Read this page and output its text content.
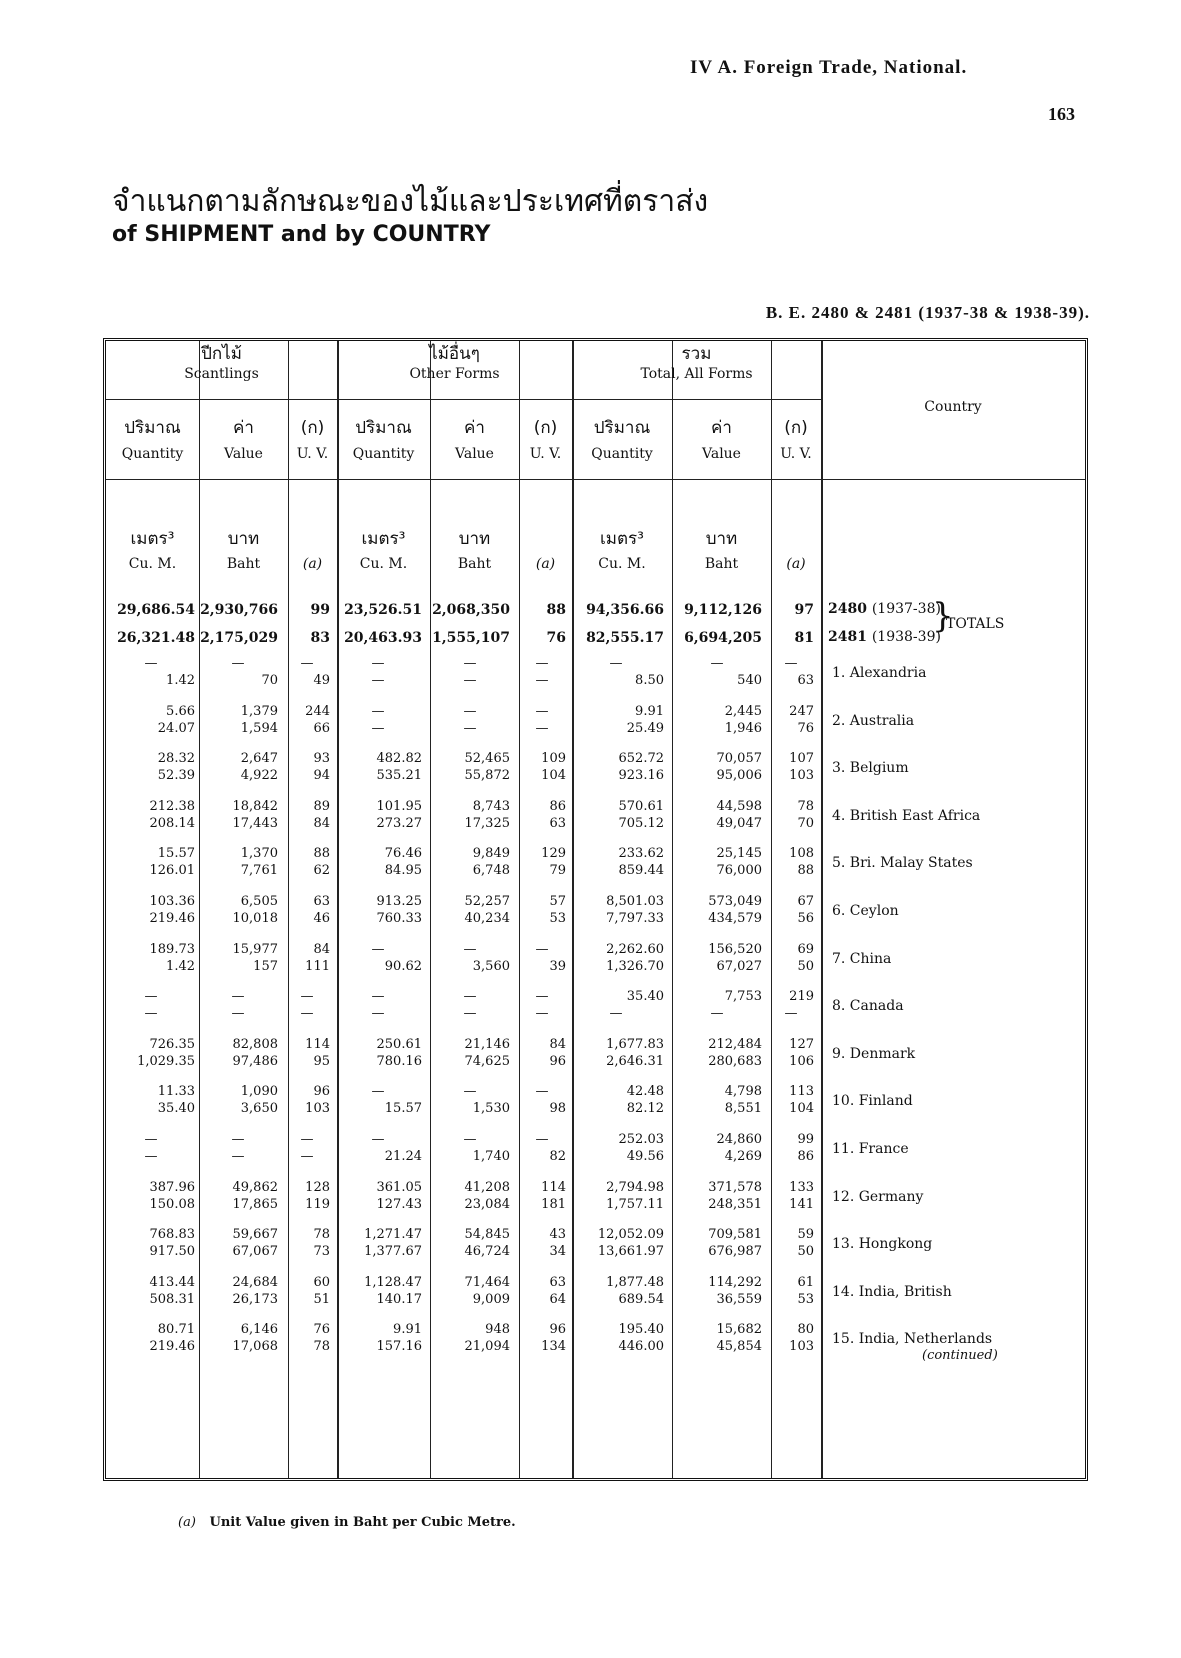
IV A. Foreign Trade, National.
163
จำแนกตามลักษณะของไม้และประเทศที่ตราส่ง
of SHIPMENT and by COUNTRY
B. E. 2480 & 2481 (1937-38 & 1938-39).
ปีกไม้
Scantlings
ไม้อื่นๆ
Other Forms
รวม
Total, All Forms
Country
ปริมาณ	ค่า	(ก)	ปริมาณ	ค่า	(ก)	ปริมาณ	ค่า	(ก)
Quantity	Value	U. V.	Quantity	Value	U. V.	Quantity	Value	U. V.
เมตร³	บาท	เมตร³	บาท	เมตร³	บาท
Cu. M.	Baht	(a)	Cu. M.	Baht	(a)	Cu. M.	Baht	(a)
2480 (1937-38)
2481 (1938-39)
}
TOTALS
(continued)
29,686.54 2,930,766	99	23,526.51 2,068,350	88	94,356.66	9,112,126	97
26,321.48 2,175,029	83	20,463.93 1,555,107	76	82,555.17	6,694,205	81
—	—	—	—	—	—	—	—	—
1.42	70	49	—	—	—	8.50	540	63 1. Alexandria
5.66	1,379	244	—	—	—	9.91	2,445	247
24.07	1,594	66	—	—	—	25.49	1,946	76 2. Australia
28.32	2,647	93	482.82	52,465	109	652.72	70,057	107
52.39	4,922	94	535.21	55,872	104	923.16	95,006	103 3. Belgium
212.38	18,842	89	101.95	8,743	86	570.61	44,598	78
208.14	17,443	84	273.27	17,325	63	705.12	49,047	70 4. British East Africa
15.57	1,370	88	76.46	9,849	129	233.62	25,145	108
126.01	7,761	62	84.95	6,748	79	859.44	76,000	88 5. Bri. Malay States
103.36	6,505	63	913.25	52,257	57	8,501.03	573,049	67
219.46	10,018	46	760.33	40,234	53	7,797.33	434,579	56 6. Ceylon
189.73	15,977	84	—	—	—	2,262.60	156,520	69
1.42	157	111	90.62	3,560	39	1,326.70	67,027	50 7. China
—	—	—	—	—	—	35.40	7,753	219
—	—	—	—	—	—	—	—	—	8. Canada
726.35	82,808	114	250.61	21,146	84	1,677.83	212,484	127
1,029.35	97,486	95	780.16	74,625	96	2,646.31	280,683	106 9. Denmark
11.33	1,090	96	—	—	—	42.48	4,798	113
35.40	3,650	103	15.57	1,530	98	82.12	8,551	104 10. Finland
—	—	—	—	—	—	252.03	24,860	99
—	—	—	21.24	1,740	82	49.56	4,269	86 11. France
387.96	49,862	128	361.05	41,208	114	2,794.98	371,578	133
150.08	17,865	119	127.43	23,084	181	1,757.11	248,351	141 12. Germany
768.83	59,667	78	1,271.47	54,845	43	12,052.09	709,581	59
917.50	67,067	73	1,377.67	46,724	34	13,661.97	676,987	50 13. Hongkong
413.44	24,684	60	1,128.47	71,464	63	1,877.48	114,292	61
508.31	26,173	51	140.17	9,009	64	689.54	36,559	53 14. India, British
80.71	6,146	76	9.91	948	96	195.40	15,682	80
219.46	17,068	78	157.16	21,094	134	446.00	45,854	103 15. India, Netherlands
(a) Unit Value given in Baht per Cubic Metre.
